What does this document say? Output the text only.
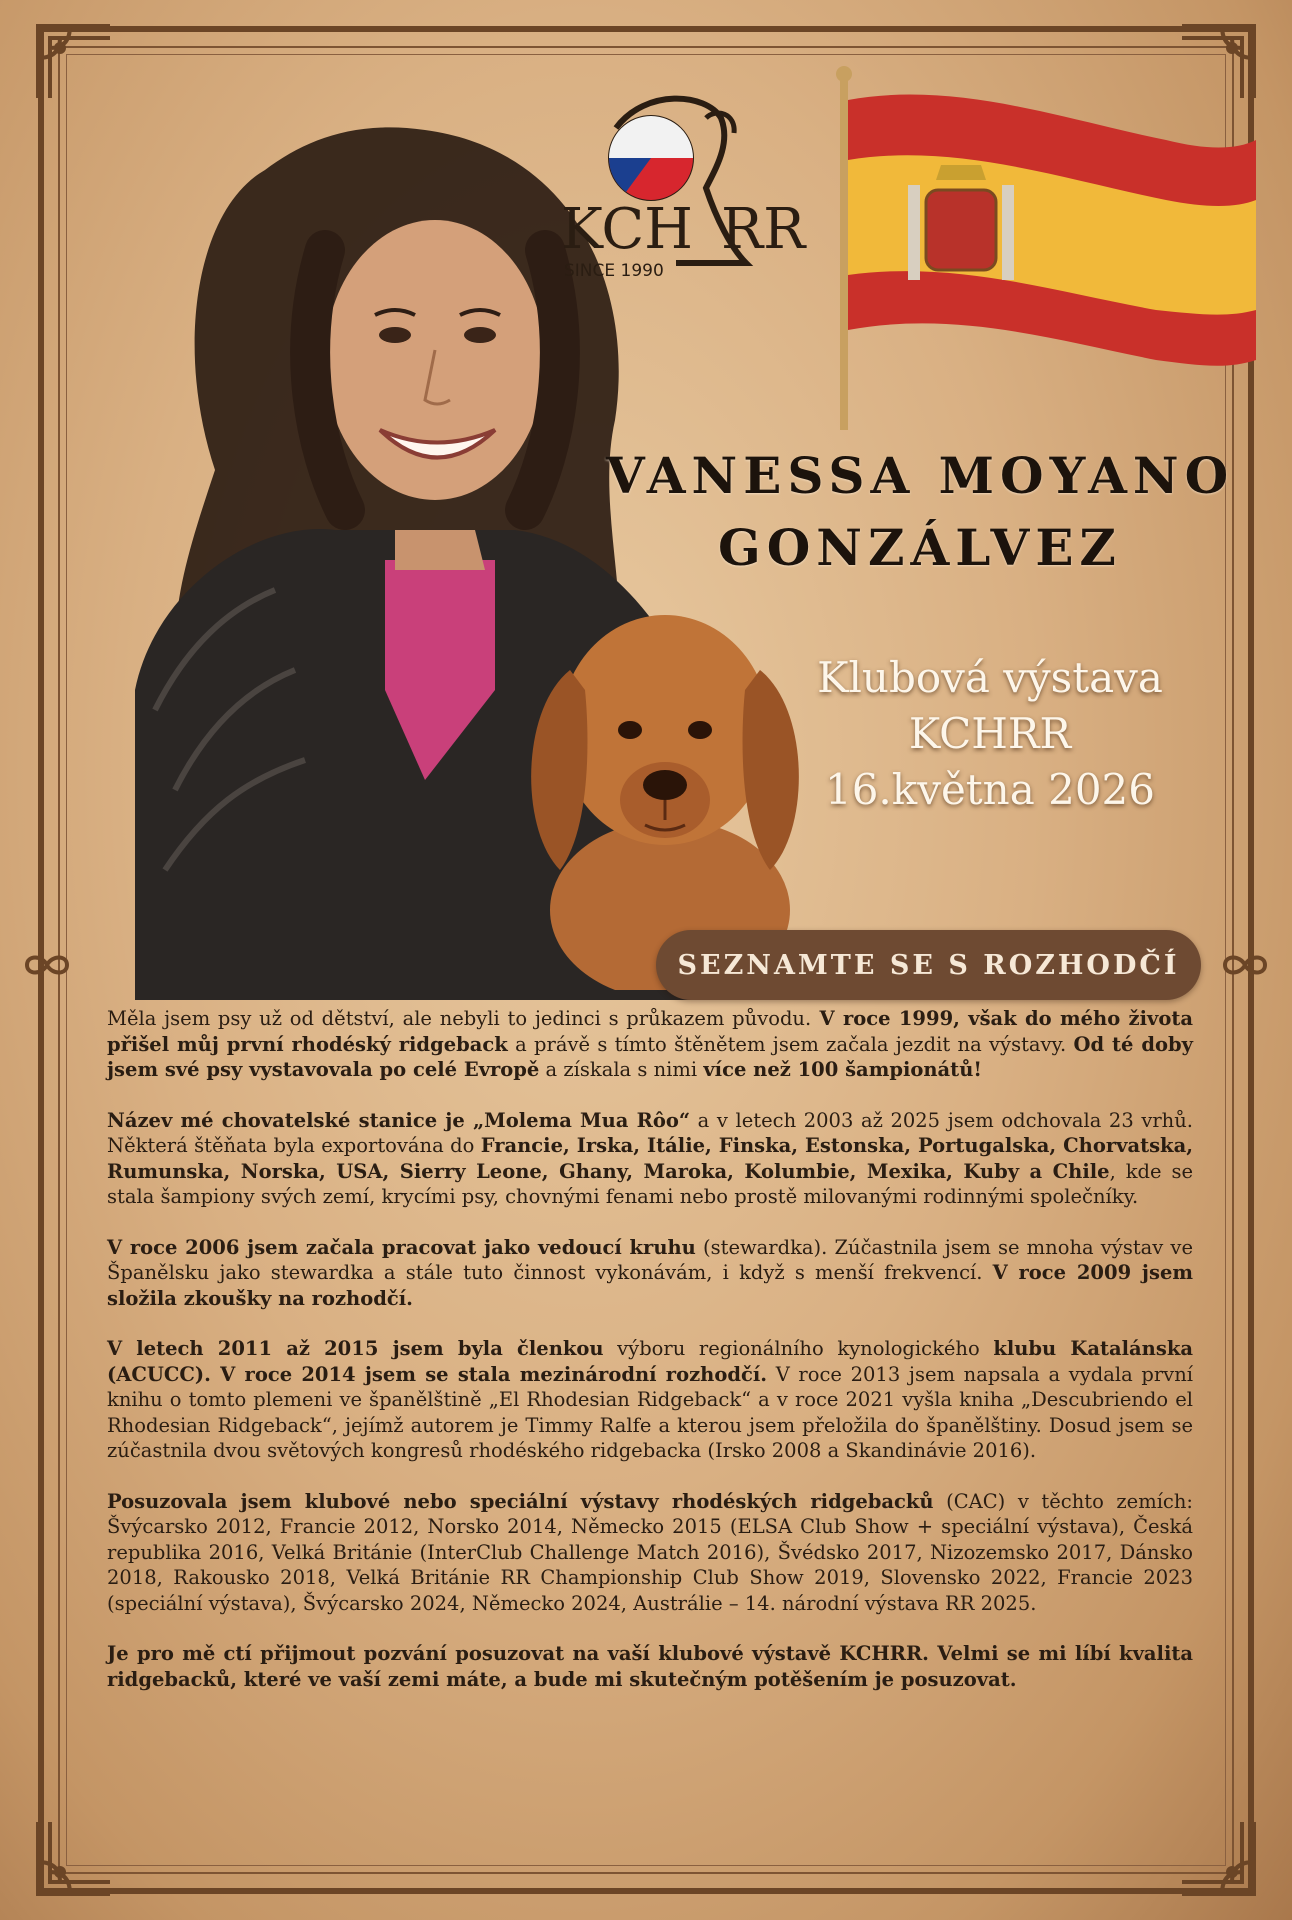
KCH RR
SINCE 1990
VANESSA MOYANO
GONZÁLVEZ
Klubová výstava
KCHRR
16.května 2026
SEZNAMTE SE S ROZHODČÍ

Měla jsem psy už od dětství, ale nebyli to jedinci s průkazem původu. V roce 1999, však do mého života přišel můj první rhodéský ridgeback a právě s tímto štěnětem jsem začala jezdit na výstavy. Od té doby jsem své psy vystavovala po celé Evropě a získala s nimi více než 100 šampionátů!

Název mé chovatelské stanice je „Molema Mua Rôo“ a v letech 2003 až 2025 jsem odchovala 23 vrhů. Některá štěňata byla exportována do Francie, Irska, Itálie, Finska, Estonska, Portugalska, Chorvatska, Rumunska, Norska, USA, Sierry Leone, Ghany, Maroka, Kolumbie, Mexika, Kuby a Chile, kde se stala šampiony svých zemí, krycími psy, chovnými fenami nebo prostě milovanými rodinnými společníky.

V roce 2006 jsem začala pracovat jako vedoucí kruhu (stewardka). Zúčastnila jsem se mnoha výstav ve Španělsku jako stewardka a stále tuto činnost vykonávám, i když s menší frekvencí. V roce 2009 jsem složila zkoušky na rozhodčí.

V letech 2011 až 2015 jsem byla členkou výboru regionálního kynologického klubu Katalánska (ACUCC). V roce 2014 jsem se stala mezinárodní rozhodčí. V roce 2013 jsem napsala a vydala první knihu o tomto plemeni ve španělštině „El Rhodesian Ridgeback“ a v roce 2021 vyšla kniha „Descubriendo el Rhodesian Ridgeback“, jejímž autorem je Timmy Ralfe a kterou jsem přeložila do španělštiny. Dosud jsem se zúčastnila dvou světových kongresů rhodéského ridgebacka (Irsko 2008 a Skandinávie 2016).

Posuzovala jsem klubové nebo speciální výstavy rhodéských ridgebacků (CAC) v těchto zemích: Švýcarsko 2012, Francie 2012, Norsko 2014, Německo 2015 (ELSA Club Show + speciální výstava), Česká republika 2016, Velká Británie (InterClub Challenge Match 2016), Švédsko 2017, Nizozemsko 2017, Dánsko 2018, Rakousko 2018, Velká Británie RR Championship Club Show 2019, Slovensko 2022, Francie 2023 (speciální výstava), Švýcarsko 2024, Německo 2024, Austrálie – 14. národní výstava RR 2025.

Je pro mě ctí přijmout pozvání posuzovat na vaší klubové výstavě KCHRR. Velmi se mi líbí kvalita ridgebacků, které ve vaší zemi máte, a bude mi skutečným potěšením je posuzovat.
